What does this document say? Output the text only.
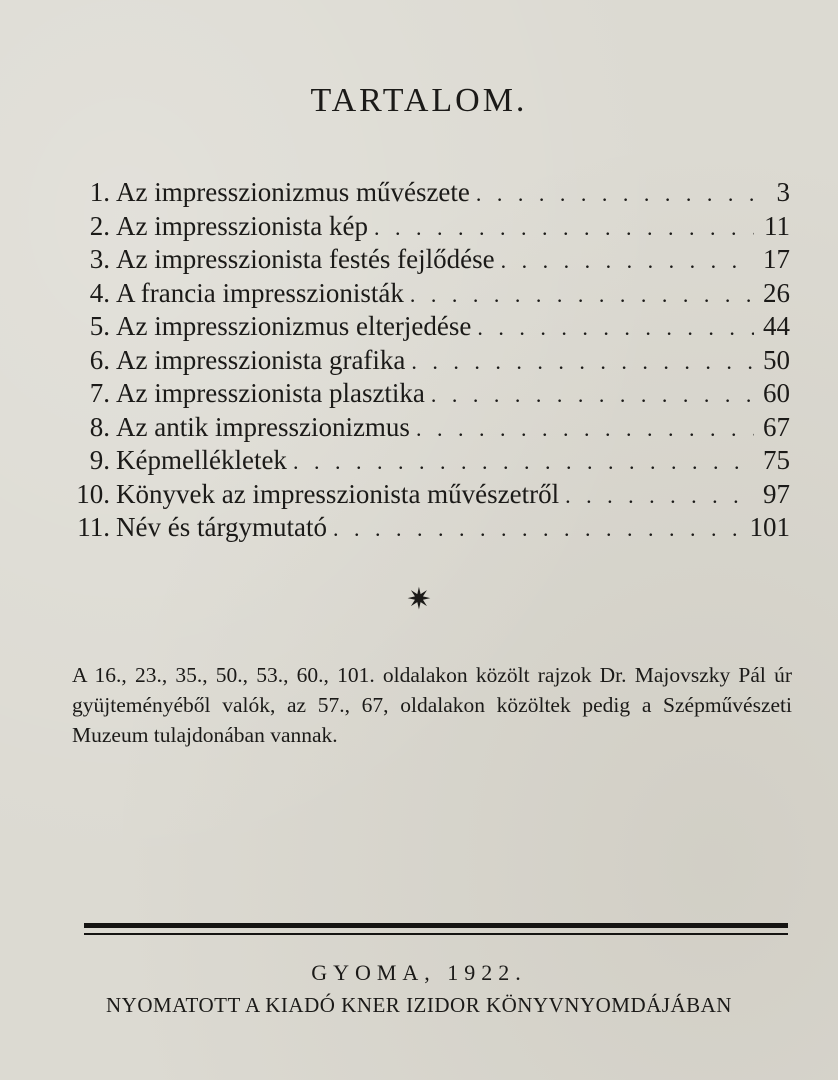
TARTALOM.
1. Az impresszionizmus művészete . . .	3
2. Az impresszionista kép . . .	11
3. Az impresszionista festés fejlődése . . .	17
4. A francia impresszionisták . . .	26
5. Az impresszionizmus elterjedése . . .	44
6. Az impresszionista grafika . . .	50
7. Az impresszionista plasztika . . .	60
8. Az antik impresszionizmus . . .	67
9. Képmellékletek . . .	75
10. Könyvek az impresszionista művészetről . . .	97
11. Név és tárgymutató . . .	101
✷

A 16., 23., 35., 50., 53., 60., 101. oldalakon közölt rajzok Dr. Majovszky Pál úr gyüjteményéből valók, az 57., 67, oldalakon közöltek pedig a Szépművészeti Muzeum tulajdonában vannak.

GYOMA, 1922.
NYOMATOTT A KIADÓ KNER IZIDOR KÖNYVNYOMDÁJÁBAN
